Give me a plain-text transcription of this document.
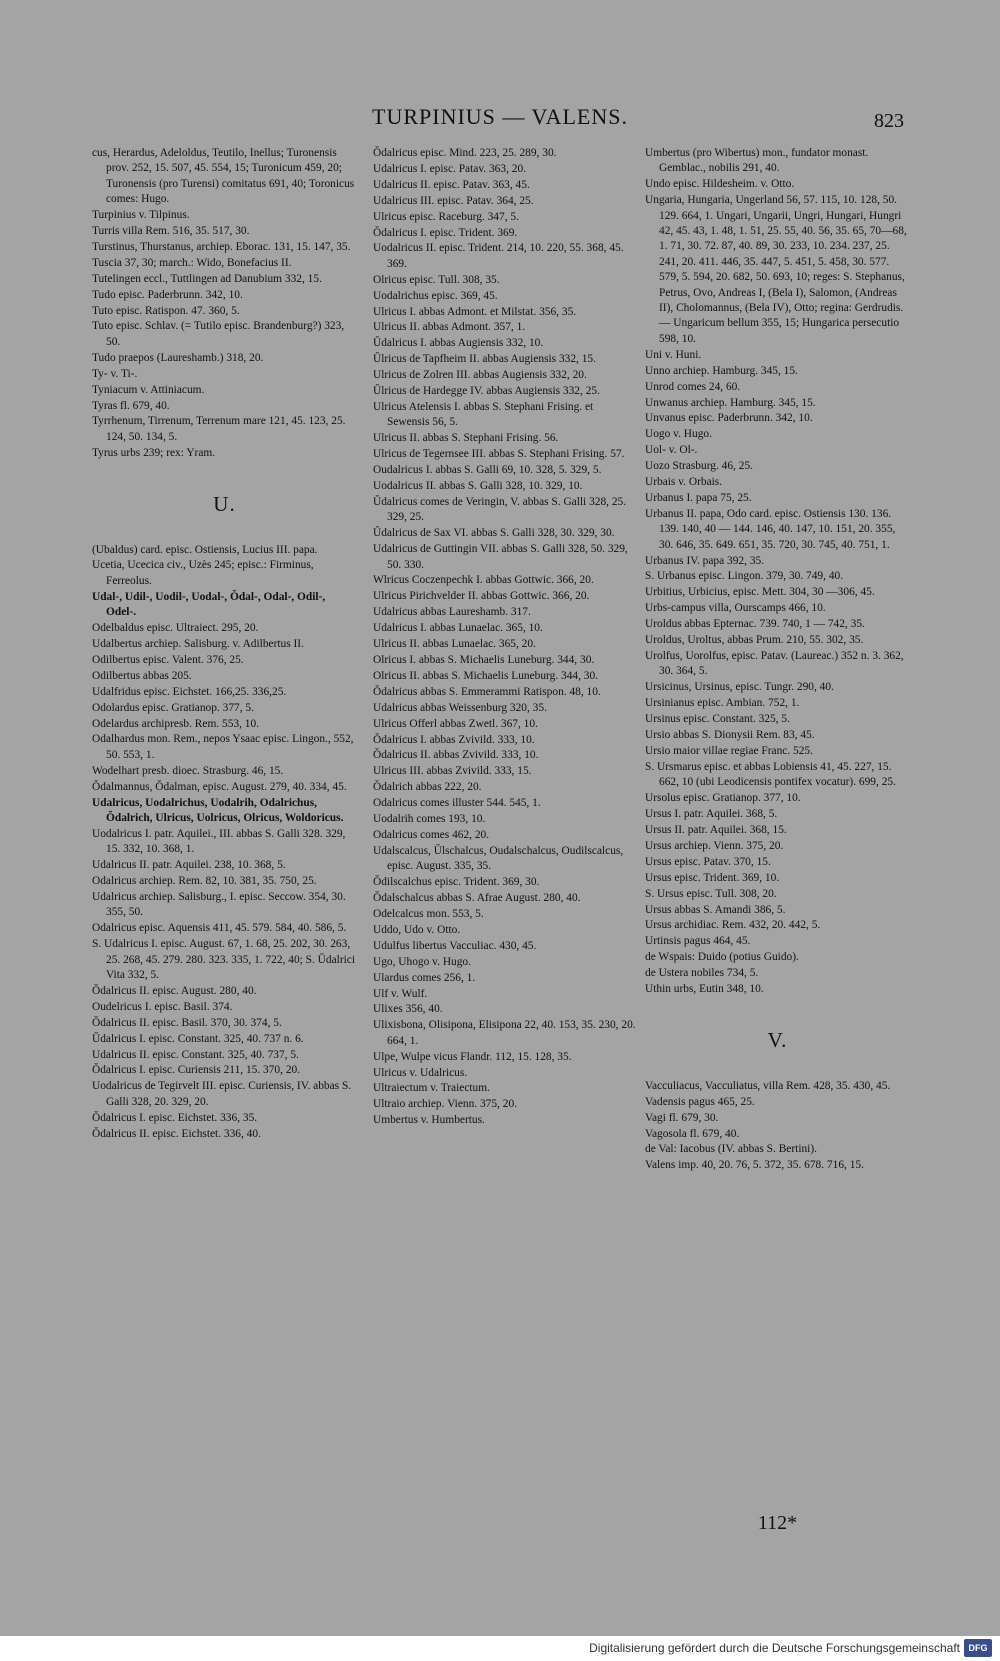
TURPINIUS — VALENS.	823
cus, Herardus, Adeloldus, Teutilo, Inellus; Turonensis prov. 252, 15. 507, 45. 554, 15; Turonicum 459, 20; Turonensis (pro Turensi) comitatus 691, 40; Toronicus comes: Hugo.
Turpinius v. Tilpinus.
Turris villa Rem. 516, 35. 517, 30.
Turstinus, Thurstanus, archiep. Eborac. 131, 15. 147, 35.
Tuscia 37, 30; march.: Wido, Bonefacius II.
Tutelingen eccl., Tuttlingen ad Danubium 332, 15.
Tudo episc. Paderbrunn. 342, 10.
Tuto episc. Ratispon. 47. 360, 5.
Tuto episc. Schlav. (= Tutilo episc. Brandenburg?) 323, 50.
Tudo praepos (Laureshamb.) 318, 20.
Ty- v. Ti-.
Tyniacum v. Attiniacum.
Tyras fl. 679, 40.
Tyrrhenum, Tirrenum, Terrenum mare 121, 45. 123, 25. 124, 50. 134, 5.
Tyrus urbs 239; rex: Yram.
U.
(Ubaldus) card. episc. Ostiensis, Lucius III. papa.
Ucetia, Ucecica civ., Uzès 245; episc.: Firminus, Ferreolus.
Udal-, Udil-, Uodil-, Uodal-, Ŏdal-, Odal-, Odil-, Odel-.
Odelbaldus episc. Ultraiect. 295, 20.
Udalbertus archiep. Salisburg. v. Adilbertus II.
Odilbertus episc. Valent. 376, 25.
Odilbertus abbas 205.
Udalfridus episc. Eichstet. 166,25. 336,25.
Odolardus episc. Gratianop. 377, 5.
Odelardus archipresb. Rem. 553, 10.
Odalhardus mon. Rem., nepos Ysaac episc. Lingon., 552, 50. 553, 1.
Wodelhart presb. dioec. Strasburg. 46, 15.
Ŏdalmannus, Ŏdalman, episc. August. 279, 40. 334, 45.
Udalricus, Uodalrichus, Uodalrih, Odalrichus, Ŏdalrich, Ulricus, Uolricus, Olricus, Woldoricus.
Uodalricus I. patr. Aquilei., III. abbas S. Galli 328. 329, 15. 332, 10. 368, 1.
Udalricus II. patr. Aquilei. 238, 10. 368, 5.
Odalricus archiep. Rem. 82, 10. 381, 35. 750, 25.
Udalricus archiep. Salisburg., I. episc. Seccow. 354, 30. 355, 50.
Odalricus episc. Aquensis 411, 45. 579. 584, 40. 586, 5.
S. Udalricus I. episc. August. 67, 1. 68, 25. 202, 30. 263, 25. 268, 45. 279. 280. 323. 335, 1. 722, 40; S. Ŭdalrici Vita 332, 5.
Ŏdalricus II. episc. August. 280, 40.
Oudelricus I. episc. Basil. 374.
Ŏdalricus II. episc. Basil. 370, 30. 374, 5.
Ŭdalricus I. episc. Constant. 325, 40. 737 n. 6.
Udalricus II. episc. Constant. 325, 40. 737, 5.
Ŏdalricus I. episc. Curiensis 211, 15. 370, 20.
Uodalricus de Tegirvelt III. episc. Curiensis, IV. abbas S. Galli 328, 20. 329, 20.
Ŏdalricus I. episc. Eichstet. 336, 35.
Ŏdalricus II. episc. Eichstet. 336, 40.
Ŏdalricus episc. Mind. 223, 25. 289, 30.
Udalricus I. episc. Patav. 363, 20.
Udalricus II. episc. Patav. 363, 45.
Udalricus III. episc. Patav. 364, 25.
Ulricus episc. Raceburg. 347, 5.
Ŏdalricus I. episc. Trident. 369.
Uodalricus II. episc. Trident. 214, 10. 220, 55. 368, 45. 369.
Olricus episc. Tull. 308, 35.
Uodalrichus episc. 369, 45.
Ulricus I. abbas Admont. et Milstat. 356, 35.
Ulricus II. abbas Admont. 357, 1.
Ŭdalricus I. abbas Augiensis 332, 10.
Ŭlricus de Tapfheim II. abbas Augiensis 332, 15.
Ulricus de Zolren III. abbas Augiensis 332, 20.
Ŭlricus de Hardegge IV. abbas Augiensis 332, 25.
Ulricus Atelensis I. abbas S. Stephani Frising. et Sewensis 56, 5.
Ulricus II. abbas S. Stephani Frising. 56.
Ulricus de Tegernsee III. abbas S. Stephani Frising. 57.
Oudalricus I. abbas S. Galli 69, 10. 328, 5. 329, 5.
Uodalricus II. abbas S. Galli 328, 10. 329, 10.
Ŭdalricus comes de Veringin, V. abbas S. Galli 328, 25. 329, 25.
Ŭdalricus de Sax VI. abbas S. Galli 328, 30. 329, 30.
Udalricus de Guttingin VII. abbas S. Galli 328, 50. 329, 50. 330.
Wlricus Coczenpechk I. abbas Gottwic. 366, 20.
Ulricus Pirichvelder II. abbas Gottwic. 366, 20.
Udalricus abbas Laureshamb. 317.
Udalricus I. abbas Lunaelac. 365, 10.
Ulricus II. abbas Lunaelac. 365, 20.
Olricus I. abbas S. Michaelis Luneburg. 344, 30.
Olricus II. abbas S. Michaelis Luneburg. 344, 30.
Ŏdalricus abbas S. Emmerammi Ratispon. 48, 10.
Udalricus abbas Weissenburg 320, 35.
Ulricus Offerl abbas Zwetl. 367, 10.
Ŏdalricus I. abbas Zvivild. 333, 10.
Ŏdalricus II. abbas Zvivild. 333, 10.
Ulricus III. abbas Zvivild. 333, 15.
Ŏdalrich abbas 222, 20.
Odalricus comes illuster 544. 545, 1.
Uodalrih comes 193, 10.
Odalricus comes 462, 20.
Udalscalcus, Ŭlschalcus, Oudalschalcus, Oudilscalcus, episc. August. 335, 35.
Ŏdilscalchus episc. Trident. 369, 30.
Ŏdalschalcus abbas S. Afrae August. 280, 40.
Odelcalcus mon. 553, 5.
Uddo, Udo v. Otto.
Udulfus libertus Vacculiac. 430, 45.
Ugo, Uhogo v. Hugo.
Ulardus comes 256, 1.
Ulf v. Wulf.
Ulixes 356, 40.
Ulixisbona, Olisipona, Elisipona 22, 40. 153, 35. 230, 20. 664, 1.
Ulpe, Wulpe vicus Flandr. 112, 15. 128, 35.
Ulricus v. Udalricus.
Ultraiectum v. Traiectum.
Ultraio archiep. Vienn. 375, 20.
Umbertus v. Humbertus.
Umbertus (pro Wibertus) mon., fundator monast. Gemblac., nobilis 291, 40.
Undo episc. Hildesheim. v. Otto.
Ungaria, Hungaria, Ungerland 56, 57. 115, 10. 128, 50. 129. 664, 1. Ungari, Ungarii, Ungri, Hungari, Hungri 42, 45. 43, 1. 48, 1. 51, 25. 55, 40. 56, 35. 65, 70—68, 1. 71, 30. 72. 87, 40. 89, 30. 233, 10. 234. 237, 25. 241, 20. 411. 446, 35. 447, 5. 451, 5. 458, 30. 577. 579, 5. 594, 20. 682, 50. 693, 10; reges: S. Stephanus, Petrus, Ovo, Andreas I, (Bela I), Salomon, (Andreas II), Cholomannus, (Bela IV), Otto; regina: Gerdrudis. — Ungaricum bellum 355, 15; Hungarica persecutio 598, 10.
Uni v. Huni.
Unno archiep. Hamburg. 345, 15.
Unrod comes 24, 60.
Unwanus archiep. Hamburg. 345, 15.
Unvanus episc. Paderbrunn. 342, 10.
Uogo v. Hugo.
Uol- v. Ol-.
Uozo Strasburg. 46, 25.
Urbais v. Orbais.
Urbanus I. papa 75, 25.
Urbanus II. papa, Odo card. episc. Ostiensis 130. 136. 139. 140, 40 — 144. 146, 40. 147, 10. 151, 20. 355, 30. 646, 35. 649. 651, 35. 720, 30. 745, 40. 751, 1.
Urbanus IV. papa 392, 35.
S. Urbanus episc. Lingon. 379, 30. 749, 40.
Urbitius, Urbicius, episc. Mett. 304, 30 —306, 45.
Urbs-campus villa, Ourscamps 466, 10.
Uroldus abbas Epternac. 739. 740, 1 — 742, 35.
Uroldus, Uroltus, abbas Prum. 210, 55. 302, 35.
Urolfus, Uorolfus, episc. Patav. (Laureac.) 352 n. 3. 362, 30. 364, 5.
Ursicinus, Ursinus, episc. Tungr. 290, 40.
Ursinianus episc. Ambian. 752, 1.
Ursinus episc. Constant. 325, 5.
Ursio abbas S. Dionysii Rem. 83, 45.
Ursio maior villae regiae Franc. 525.
S. Ursmarus episc. et abbas Lobiensis 41, 45. 227, 15. 662, 10 (ubi Leodicensis pontifex vocatur). 699, 25.
Ursolus episc. Gratianop. 377, 10.
Ursus I. patr. Aquilei. 368, 5.
Ursus II. patr. Aquilei. 368, 15.
Ursus archiep. Vienn. 375, 20.
Ursus episc. Patav. 370, 15.
Ursus episc. Trident. 369, 10.
S. Ursus episc. Tull. 308, 20.
Ursus abbas S. Amandi 386, 5.
Ursus archidiac. Rem. 432, 20. 442, 5.
Urtinsis pagus 464, 45.
de Wspais: Duido (potius Guido).
de Ustera nobiles 734, 5.
Uthin urbs, Eutin 348, 10.
V.
Vacculiacus, Vacculiatus, villa Rem. 428, 35. 430, 45.
Vadensis pagus 465, 25.
Vagi fl. 679, 30.
Vagosola fl. 679, 40.
de Val: Iacobus (IV. abbas S. Bertini).
Valens imp. 40, 20. 76, 5. 372, 35. 678. 716, 15.
112*
Digitalisierung gefördert durch die Deutsche Forschungsgemeinschaft DFG
